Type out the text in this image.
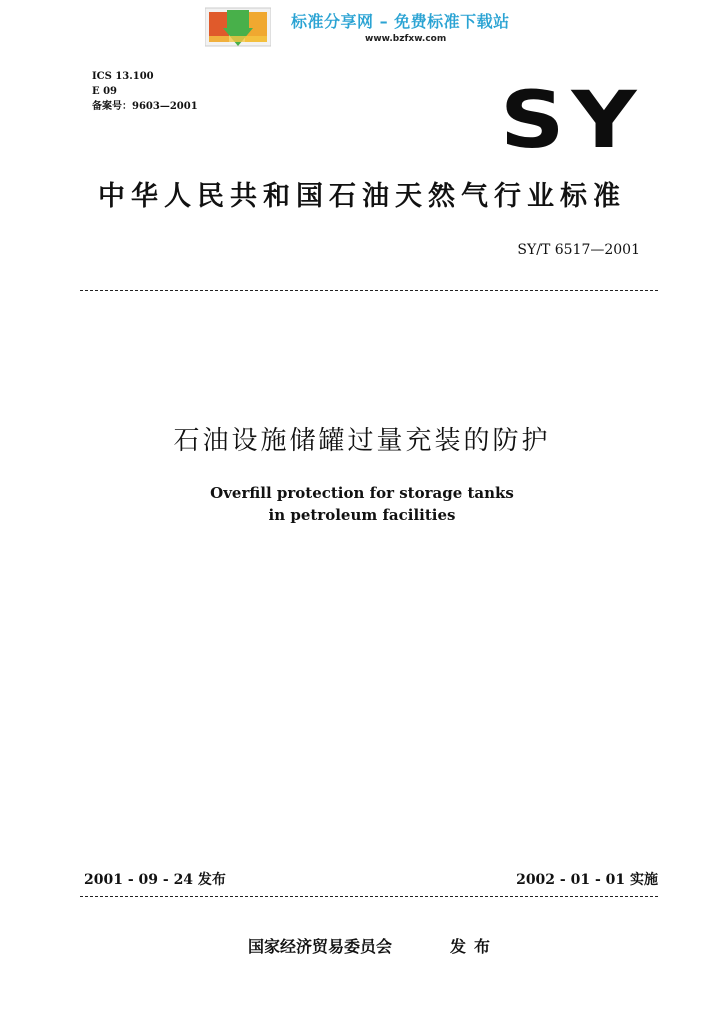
标准分享网 – 免费标准下载站
www.bzfxw.com
ICS 13.100
E 09
备案号：9603—2001	SY
中华人民共和国石油天然气行业标准
SY/T 6517—2001
石油设施储罐过量充装的防护
Overfill protection for storage tanks
in petroleum facilities
2001 - 09 - 24 发布	2002 - 01 - 01 实施
国家经济贸易委员会	发布
